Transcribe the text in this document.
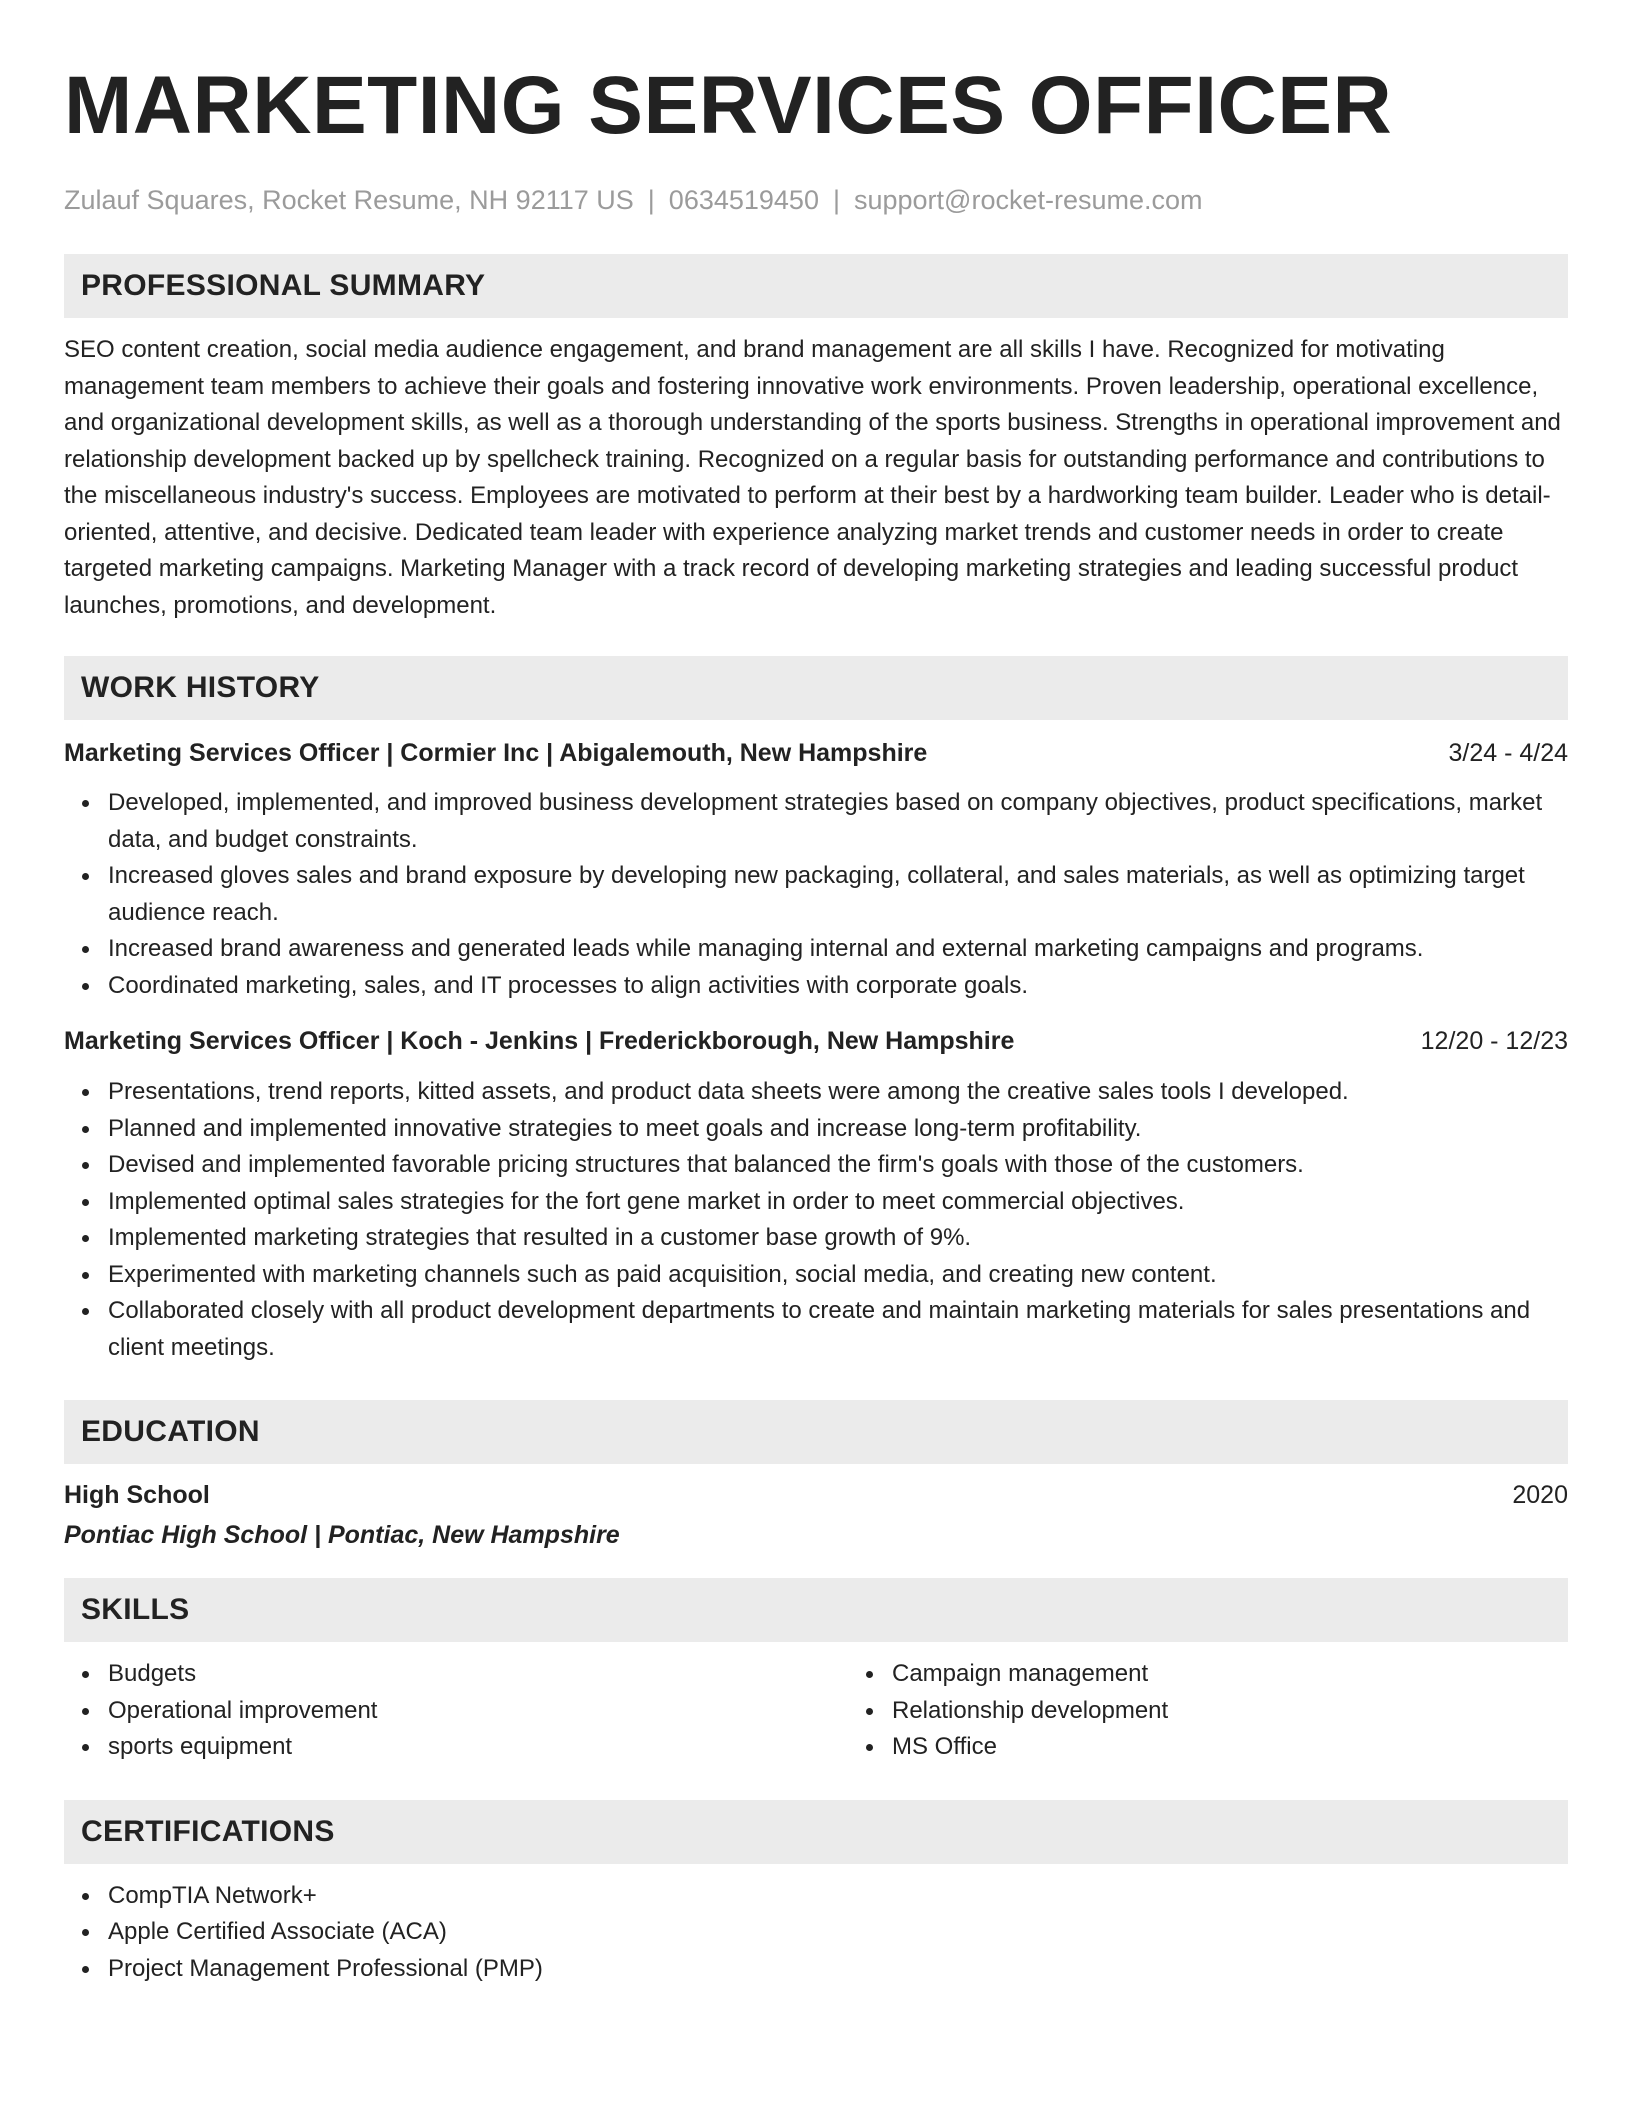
MARKETING SERVICES OFFICER
Zulauf Squares, Rocket Resume, NH 92117 US | 0634519450 | support@rocket-resume.com
PROFESSIONAL SUMMARY

SEO content creation, social media audience engagement, and brand management are all skills I have. Recognized for motivating management team members to achieve their goals and fostering innovative work environments. Proven leadership, operational excellence, and organizational development skills, as well as a thorough understanding of the sports business. Strengths in operational improvement and relationship development backed up by spellcheck training. Recognized on a regular basis for outstanding performance and contributions to the miscellaneous industry's success. Employees are motivated to perform at their best by a hardworking team builder. Leader who is detail-oriented, attentive, and decisive. Dedicated team leader with experience analyzing market trends and customer needs in order to create targeted marketing campaigns. Marketing Manager with a track record of developing marketing strategies and leading successful product launches, promotions, and development.

WORK HISTORY
Marketing Services Officer | Cormier Inc | Abigalemouth, New Hampshire	3/24 - 4/24
Developed, implemented, and improved business development strategies based on company objectives, product specifications, market data, and budget constraints.
Increased gloves sales and brand exposure by developing new packaging, collateral, and sales materials, as well as optimizing target audience reach.
Increased brand awareness and generated leads while managing internal and external marketing campaigns and programs.
Coordinated marketing, sales, and IT processes to align activities with corporate goals.
Marketing Services Officer | Koch - Jenkins | Frederickborough, New Hampshire	12/20 - 12/23
Presentations, trend reports, kitted assets, and product data sheets were among the creative sales tools I developed.
Planned and implemented innovative strategies to meet goals and increase long-term profitability.
Devised and implemented favorable pricing structures that balanced the firm's goals with those of the customers.
Implemented optimal sales strategies for the fort gene market in order to meet commercial objectives.
Implemented marketing strategies that resulted in a customer base growth of 9%.
Experimented with marketing channels such as paid acquisition, social media, and creating new content.
Collaborated closely with all product development departments to create and maintain marketing materials for sales presentations and client meetings.
EDUCATION
High School	2020
Pontiac High School | Pontiac, New Hampshire
SKILLS
Budgets
Operational improvement
sports equipment
Campaign management
Relationship development
MS Office
CERTIFICATIONS
CompTIA Network+
Apple Certified Associate (ACA)
Project Management Professional (PMP)
